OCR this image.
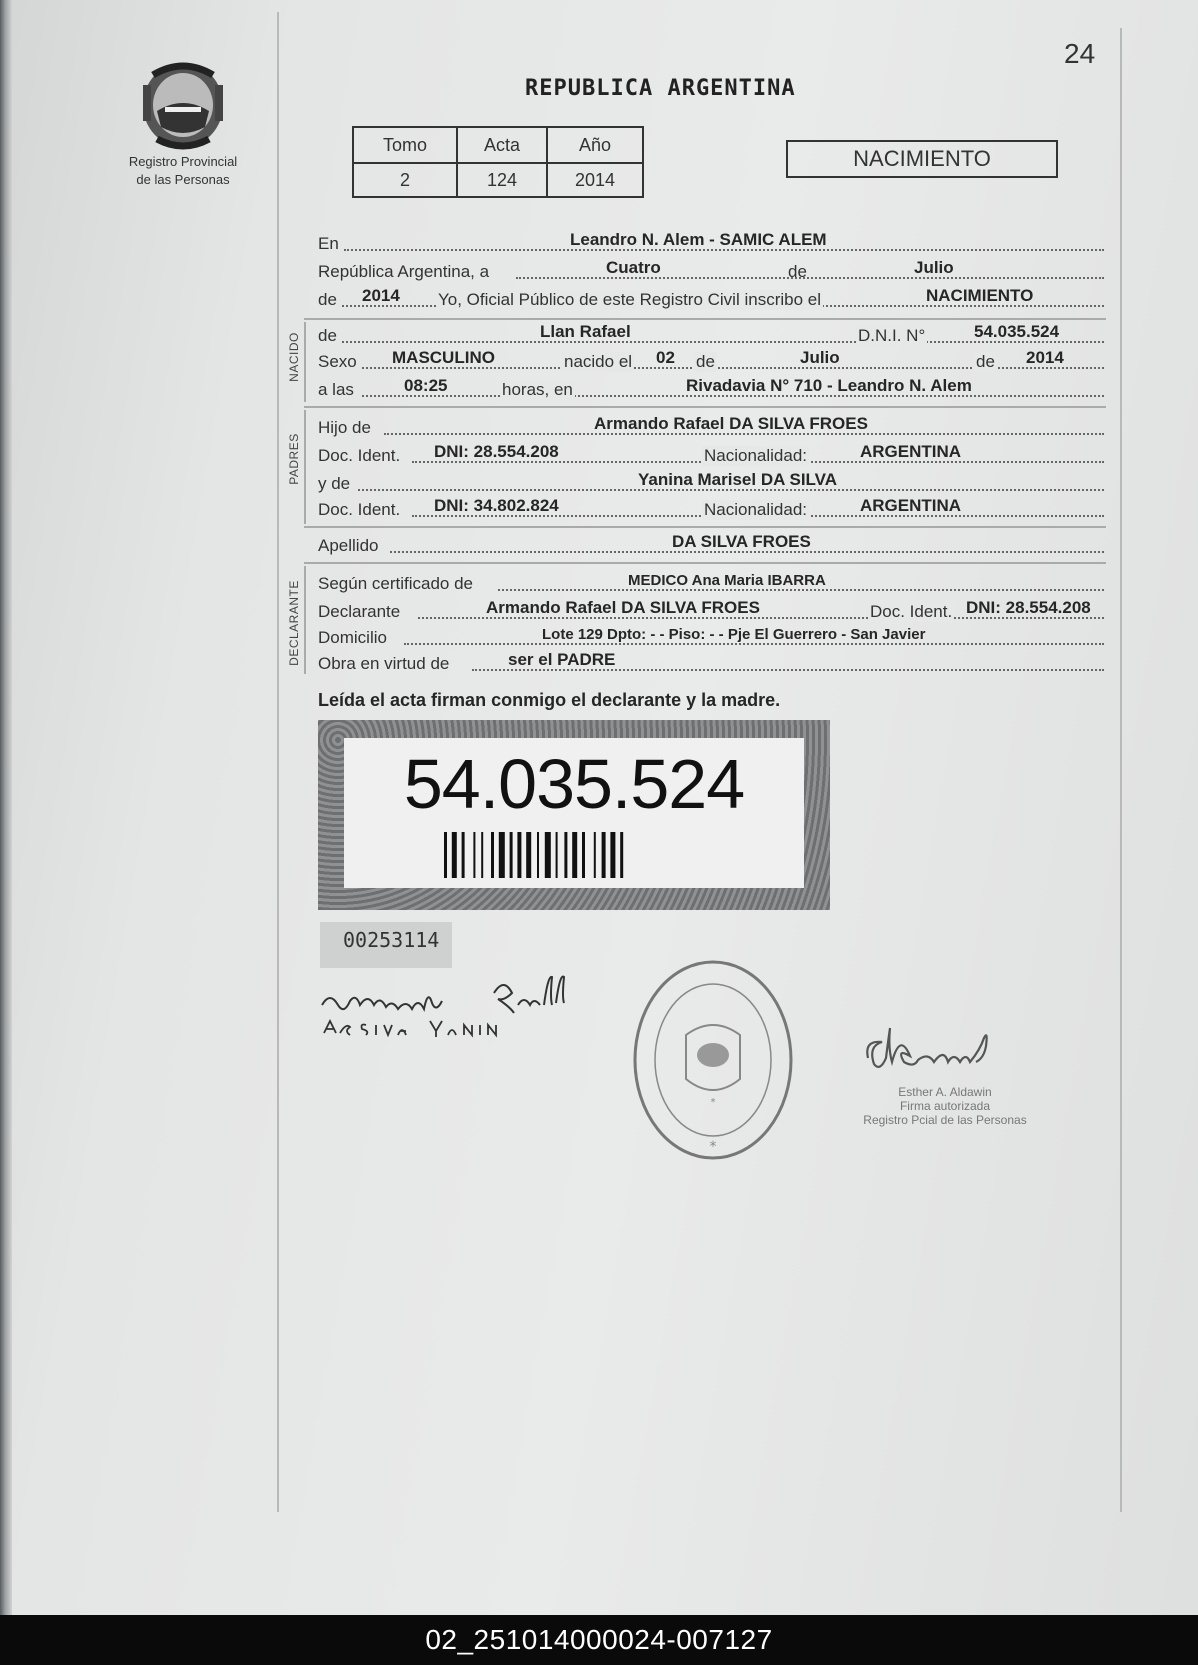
24
Registro Provincial
de las Personas
REPUBLICA ARGENTINA
Tomo	Acta	Año
2	124	2014
NACIMIENTO
En	Leandro N. Alem - SAMIC ALEM
República Argentina, a	Cuatro	de	Julio
de 2014 Yo, Oficial Público de este Registro Civil inscribo el	NACIMIENTO
NACIDO de	Llan Rafael	D.N.I. N°	54.035.524
Sexo MASCULINO	nacido el 02 de	Julio	de 2014
a las	08:25	horas, en	Rivadavia N° 710 - Leandro N. Alem
PADRES
Hijo de	Armando Rafael DA SILVA FROES
Doc. Ident. DNI: 28.554.208	Nacionalidad:	ARGENTINA
y de	Yanina Marisel DA SILVA
Doc. Ident. DNI: 34.802.824	Nacionalidad:	ARGENTINA
Apellido	DA SILVA FROES
DECLARANTE Según certificado de	MEDICO Ana Maria IBARRA
Declarante	Armando Rafael DA SILVA FROES	Doc. Ident. DNI: 28.554.208
Domicilio	Lote 129 Dpto: - - Piso: - - Pje El Guerrero - San Javier
Obra en virtud de	ser el PADRE
Leída el acta firman conmigo el declarante y la madre.
54.035.524
00253114
*
*
Esther A. Aldawin
Firma autorizada
Registro Pcial de las Personas
02_251014000024-007127
